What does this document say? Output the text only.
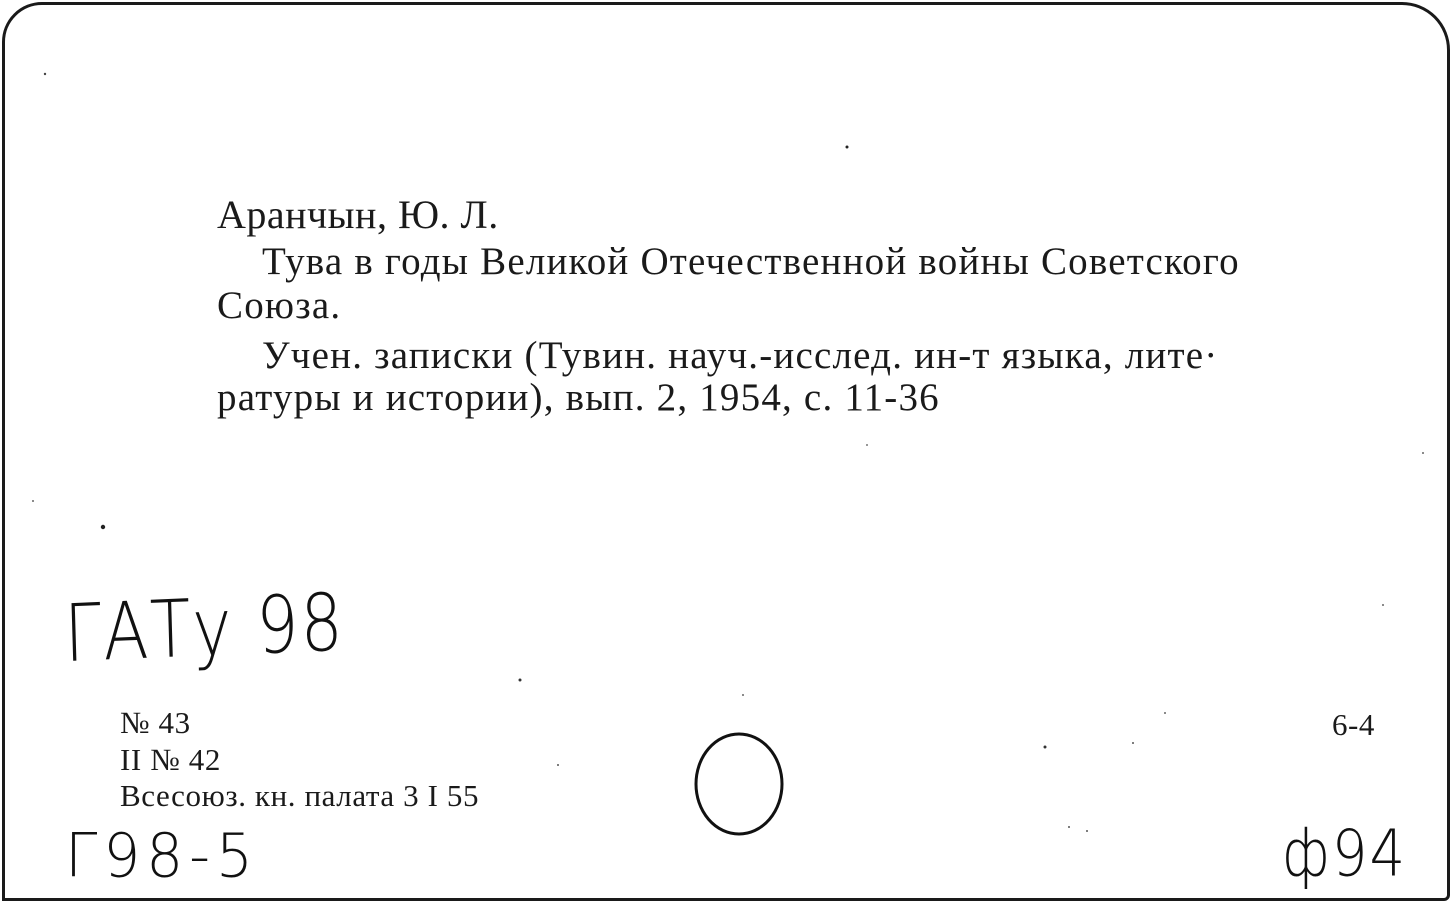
Аранчын, Ю. Л.
Тува в годы Великой Отечественной войны Советского
Союза.
Учен. записки (Тувин. науч.-исслед. ин-т языка, лите·
ратуры и истории), вып. 2, 1954, с. 11-36
ГАТу 98
№ 43
II № 42
Всесоюз. кн. палата 3 I 55
6-4
Г98-5	ф94
